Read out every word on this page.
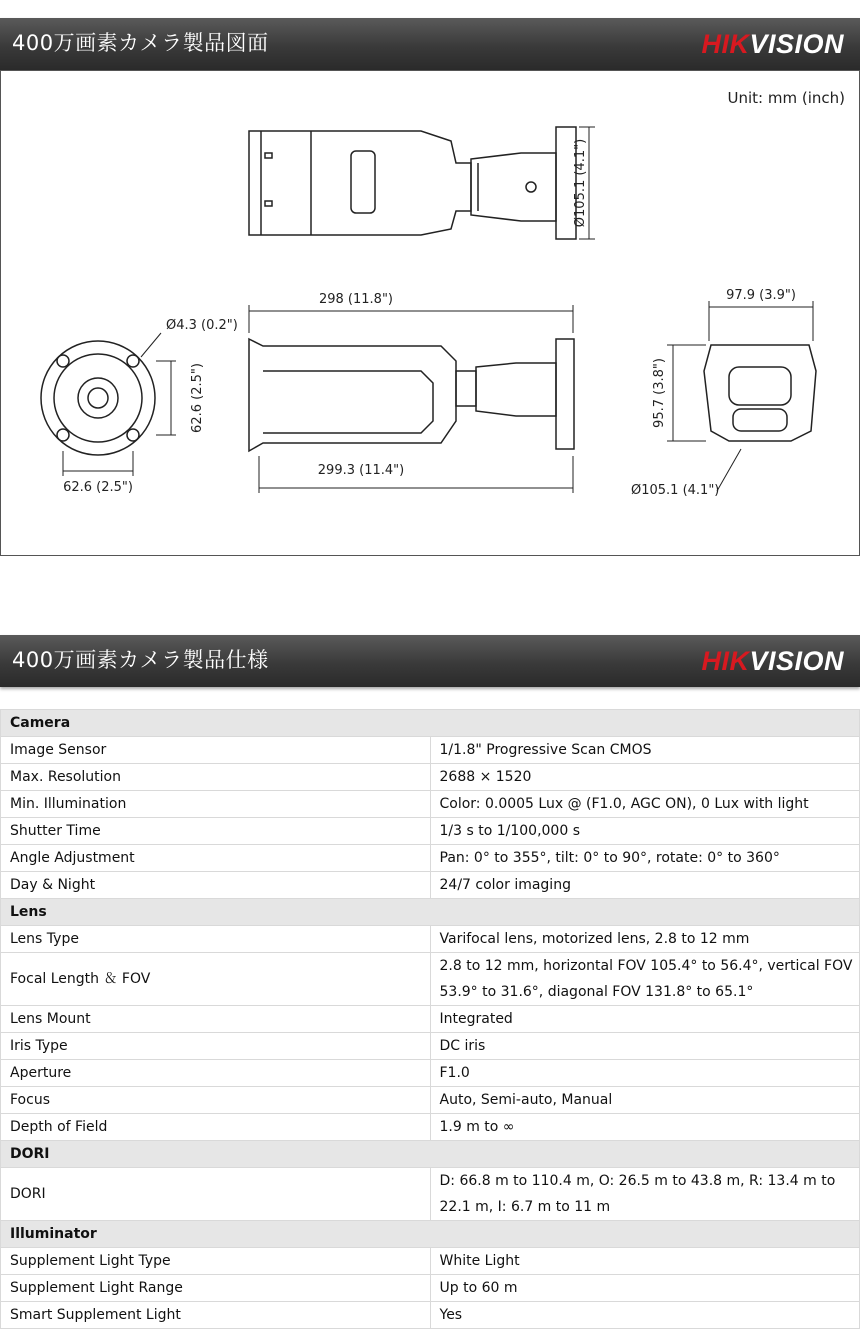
400万画素カメラ製品図面	HIKVISION
Unit: mm (inch)
Ø105.1 (4.1")
Ø4.3 (0.2")
62.6 (2.5")
62.6 (2.5")
298 (11.8")
299.3 (11.4")
97.9 (3.9")
95.7 (3.8")
Ø105.1 (4.1")
400万画素カメラ製品仕様	HIKVISION
Camera	
Image Sensor	1/1.8" Progressive Scan CMOS
Max. Resolution	2688 × 1520
Min. Illumination	Color: 0.0005 Lux @ (F1.0, AGC ON), 0 Lux with light
Shutter Time	1/3 s to 1/100,000 s
Angle Adjustment	Pan: 0° to 355°, tilt: 0° to 90°, rotate: 0° to 360°
Day & Night	24/7 color imaging
Lens	
Lens Type	Varifocal lens, motorized lens, 2.8 to 12 mm
Focal Length ＆ FOV	2.8 to 12 mm, horizontal FOV 105.4° to 56.4°, vertical FOV 53.9° to 31.6°, diagonal FOV 131.8° to 65.1°
Lens Mount	Integrated
Iris Type	DC iris
Aperture	F1.0
Focus	Auto, Semi-auto, Manual
Depth of Field	1.9 m to ∞
DORI	
DORI	D: 66.8 m to 110.4 m, O: 26.5 m to 43.8 m, R: 13.4 m to 22.1 m, I: 6.7 m to 11 m
Illuminator	
Supplement Light Type	White Light
Supplement Light Range	Up to 60 m
Smart Supplement Light	Yes
